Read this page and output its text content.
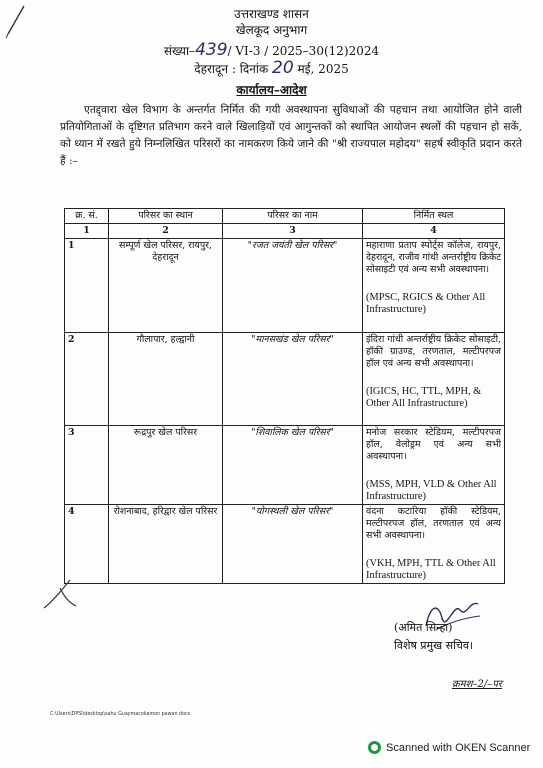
उत्तराखण्ड शासन
खेलकूद अनुभाग
संख्या–439/ VI-3 / 2025–30(12)2024
देहरादून : दिनांक 20 मई, 2025
कार्यालय–आदेश
एतद्द्वारा खेल विभाग के अन्तर्गत निर्मित की गयी अवस्थापना सुविधाओं की पहचान तथा आयोजित होने वाली प्रतियोगिताओं के दृष्टिगत प्रतिभाग करने वाले खिलाड़ियों एवं आगुन्तकों को स्थापित आयोजन स्थलों की पहचान हो सकें, को ध्यान में रखते हुये निम्नलिखित परिसरों का नामकरण किये जाने की "श्री राज्यपाल महोदय" सहर्ष स्वीकृति प्रदान करते हैं :–
क्र. सं.	परिसर का स्थान	परिसर का नाम	निर्मित स्थल
1	2	3	4
1	सम्पूर्ण खेल परिसर, रायपुर, देहरादून	"रजत जयंती खेल परिसर"	महाराणा प्रताप स्पोर्ट्स कॉलेज, रायपुर, देहरादून, राजीव गांधी अन्तर्राष्ट्रीय क्रिकेट सोसाइटी एवं अन्य सभी अवस्थापना।
(MPSC, RGICS & Other All Infrastructure)

2	गौलापार, हल्द्वानी	"मानसखंड खेल परिसर"	इंदिरा गांधी अन्तर्राष्ट्रीय क्रिकेट सोसाइटी, हॉकी ग्राउण्ड, तरणताल, मल्टीपरपज हॉल एवं अन्य सभी अवस्थापना।
(IGICS, HC, TTL, MPH, & Other All Infrastructure)

3	रूद्रपुर खेल परिसर	"शिवालिक खेल परिसर"	मनोज सरकार स्टेडियम, मल्टीपरपज हॉल, वेलोड्रम एवं अन्य सभी अवस्थापना।
(MSS, MPH, VLD & Other All Infrastructure)

4	रोशनाबाद, हरिद्वार खेल परिसर	"योगस्थली खेल परिसर"	वंदना कटारिया हॉकी स्टेडियम, मल्टीपरपज हॉल, तरणताल एवं अन्य सभी अवस्थापना।
(VKH, MPH, TTL & Other All Infrastructure)
(अमित सिन्हा)
विशेष प्रमुख सचिव।
क्रमश–2/–पर
C:\Users\DPSI\desktop\sahu Guaymacokamon pawan docs
Scanned with OKEN Scanner
